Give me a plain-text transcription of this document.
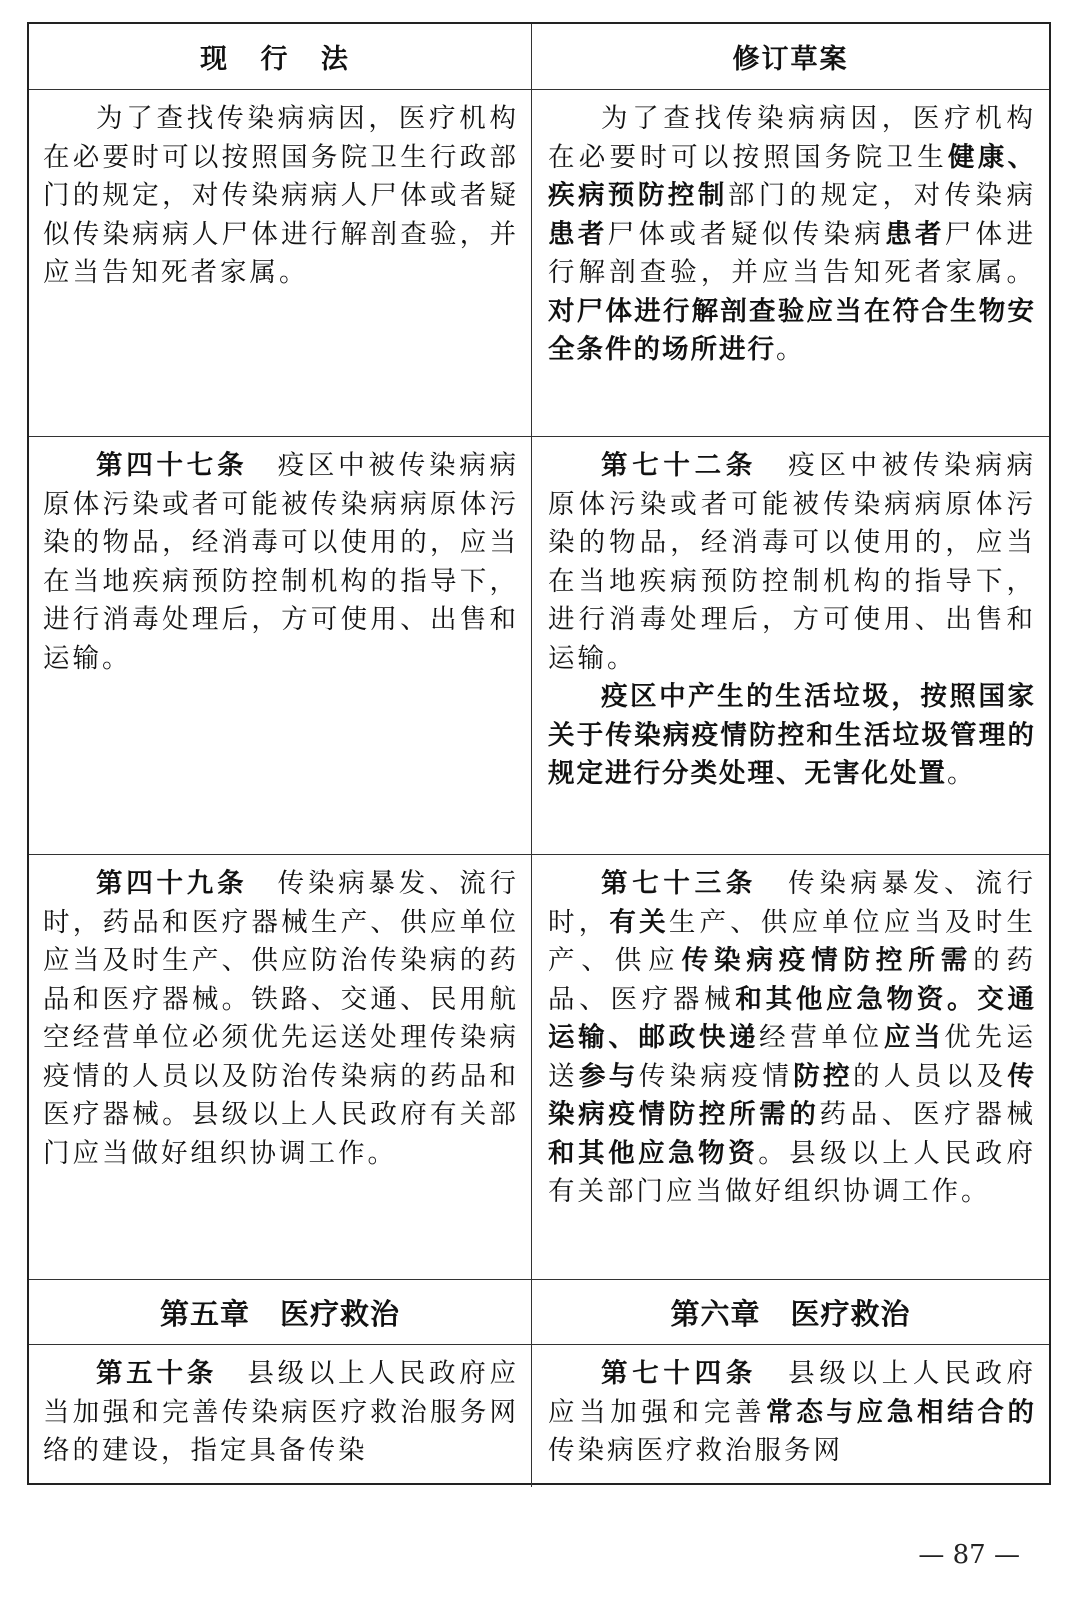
现 行 法	修订草案

为了查找传染病病因，医疗机构在必要时可以按照国务院卫生行政部门的规定，对传染病病人尸体或者疑似传染病病人尸体进行解剖查验，并应当告知死者家属。

为了查找传染病病因，医疗机构在必要时可以按照国务院卫生健康、疾病预防控制部门的规定，对传染病患者尸体或者疑似传染病患者尸体进行解剖查验，并应当告知死者家属。对尸体进行解剖查验应当在符合生物安全条件的场所进行。

第四十七条　疫区中被传染病病原体污染或者可能被传染病病原体污染的物品，经消毒可以使用的，应当在当地疾病预防控制机构的指导下，进行消毒处理后，方可使用、出售和运输。

第七十二条　疫区中被传染病病原体污染或者可能被传染病病原体污染的物品，经消毒可以使用的，应当在当地疾病预防控制机构的指导下，进行消毒处理后，方可使用、出售和运输。

疫区中产生的生活垃圾，按照国家关于传染病疫情防控和生活垃圾管理的规定进行分类处理、无害化处置。

第四十九条　传染病暴发、流行时，药品和医疗器械生产、供应单位应当及时生产、供应防治传染病的药品和医疗器械。铁路、交通、民用航空经营单位必须优先运送处理传染病疫情的人员以及防治传染病的药品和医疗器械。县级以上人民政府有关部门应当做好组织协调工作。

第七十三条　传染病暴发、流行时，有关生产、供应单位应当及时生产、供应传染病疫情防控所需的药品、医疗器械和其他应急物资。交通运输、邮政快递经营单位应当优先运送参与传染病疫情防控的人员以及传染病疫情防控所需的药品、医疗器械和其他应急物资。县级以上人民政府有关部门应当做好组织协调工作。

第五章　医疗救治	第六章　医疗救治

第五十条　县级以上人民政府应当加强和完善传染病医疗救治服务网络的建设，指定具备传染

第七十四条　县级以上人民政府应当加强和完善常态与应急相结合的传染病医疗救治服务网

— 87 —
